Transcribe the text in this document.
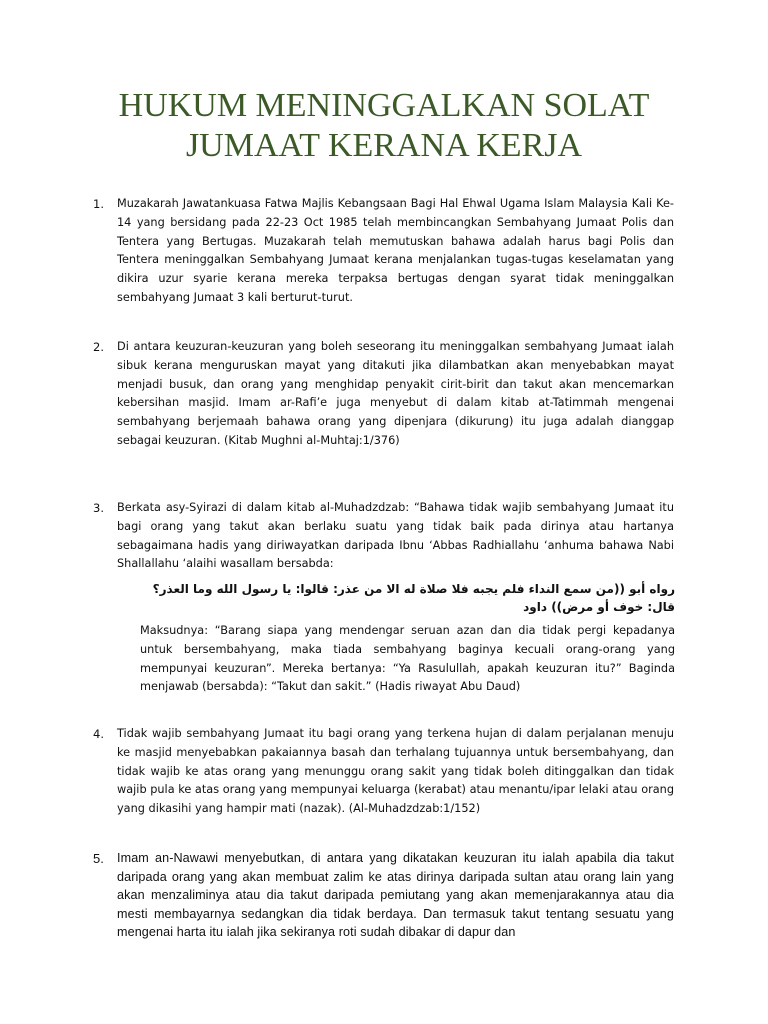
HUKUM MENINGGALKAN SOLAT
JUMAAT KERANA KERJA
1. Muzakarah Jawatankuasa Fatwa Majlis Kebangsaan Bagi Hal Ehwal Ugama Islam Malaysia Kali Ke-14 yang bersidang pada 22-23 Oct 1985 telah membincangkan Sembahyang Jumaat Polis dan Tentera yang Bertugas. Muzakarah telah memutuskan bahawa adalah harus bagi Polis dan Tentera meninggalkan Sembahyang Jumaat kerana menjalankan tugas-tugas keselamatan yang dikira uzur syarie kerana mereka terpaksa bertugas dengan syarat tidak meninggalkan sembahyang Jumaat 3 kali berturut-turut.

2. Di antara keuzuran-keuzuran yang boleh seseorang itu meninggalkan sembahyang Jumaat ialah sibuk kerana menguruskan mayat yang ditakuti jika dilambatkan akan menyebabkan mayat menjadi busuk, dan orang yang menghidap penyakit cirit-birit dan takut akan mencemarkan kebersihan masjid. Imam ar-Rafi’e juga menyebut di dalam kitab at-Tatimmah mengenai sembahyang berjemaah bahawa orang yang dipenjara (dikurung) itu juga adalah dianggap sebagai keuzuran. (Kitab Mughni al-Muhtaj:1/376)

3. Berkata asy-Syirazi di dalam kitab al-Muhadzdzab: “Bahawa tidak wajib sembahyang Jumaat itu bagi orang yang takut akan berlaku suatu yang tidak baik pada dirinya atau hartanya sebagaimana hadis yang diriwayatkan daripada Ibnu ‘Abbas Radhiallahu ‘anhuma bahawa Nabi Shallallahu ‘alaihi wasallam bersabda:

رواه أبو ((من سمع النداء فلم يجبه فلا صلاة له الا من عذر: قالوا: يا رسول الله وما العذر؟ قال: خوف أو مرض)) داود

Maksudnya: “Barang siapa yang mendengar seruan azan dan dia tidak pergi kepadanya untuk bersembahyang, maka tiada sembahyang baginya kecuali orang-orang yang mempunyai keuzuran”. Mereka bertanya: “Ya Rasulullah, apakah keuzuran itu?” Baginda menjawab (bersabda): “Takut dan sakit.” (Hadis riwayat Abu Daud)

4. Tidak wajib sembahyang Jumaat itu bagi orang yang terkena hujan di dalam perjalanan menuju ke masjid menyebabkan pakaiannya basah dan terhalang tujuannya untuk bersembahyang, dan tidak wajib ke atas orang yang menunggu orang sakit yang tidak boleh ditinggalkan dan tidak wajib pula ke atas orang yang mempunyai keluarga (kerabat) atau menantu/ipar lelaki atau orang yang dikasihi yang hampir mati (nazak). (Al-Muhadzdzab:1/152)

5. Imam an-Nawawi menyebutkan, di antara yang dikatakan keuzuran itu ialah apabila dia takut daripada orang yang akan membuat zalim ke atas dirinya daripada sultan atau orang lain yang akan menzaliminya atau dia takut daripada pemiutang yang akan memenjarakannya atau dia mesti membayarnya sedangkan dia tidak berdaya. Dan termasuk takut tentang sesuatu yang mengenai harta itu ialah jika sekiranya roti sudah dibakar di dapur dan
